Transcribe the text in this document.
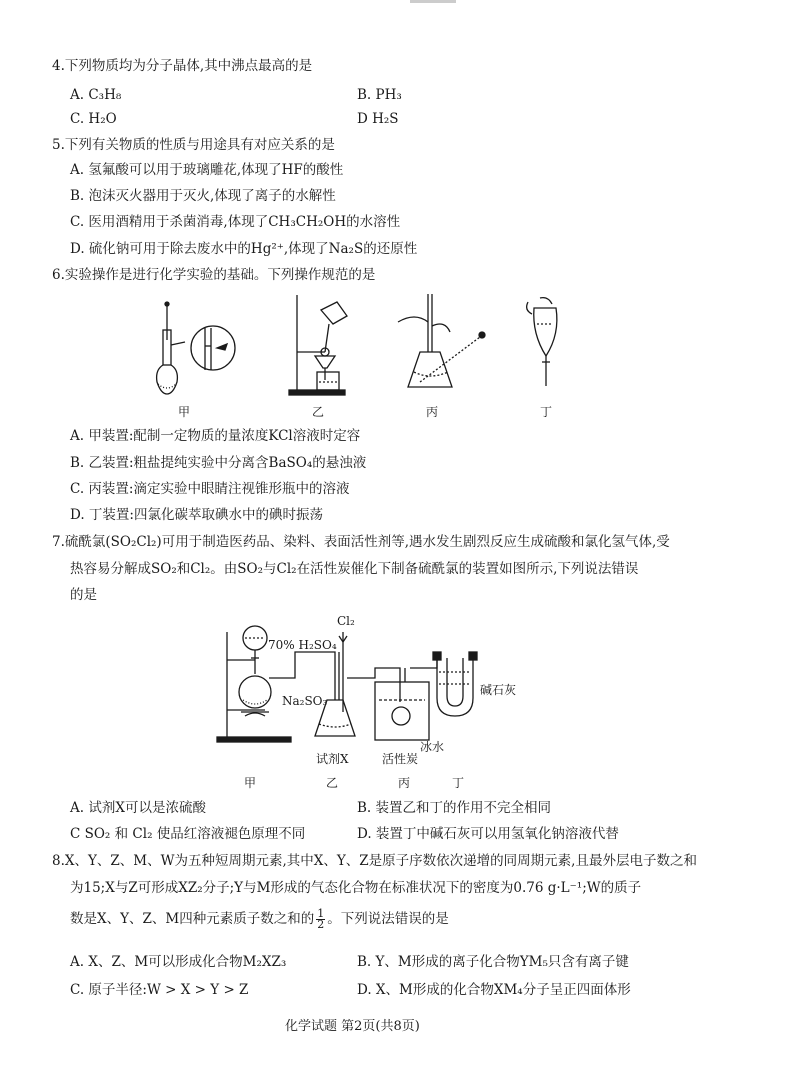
4.下列物质均为分子晶体,其中沸点最高的是
A. C₃H₈	B. PH₃
C. H₂O	D H₂S
5.下列有关物质的性质与用途具有对应关系的是
A. 氢氟酸可以用于玻璃雕花,体现了HF的酸性
B. 泡沫灭火器用于灭火,体现了离子的水解性
C. 医用酒精用于杀菌消毒,体现了CH₃CH₂OH的水溶性
D. 硫化钠可用于除去废水中的Hg²⁺,体现了Na₂S的还原性
6.实验操作是进行化学实验的基础。下列操作规范的是
甲	乙	丙	丁
A. 甲装置:配制一定物质的量浓度KCl溶液时定容
B. 乙装置:粗盐提纯实验中分离含BaSO₄的悬浊液
C. 丙装置:滴定实验中眼睛注视锥形瓶中的溶液
D. 丁装置:四氯化碳萃取碘水中的碘时振荡
7.硫酰氯(SO₂Cl₂)可用于制造医药品、染料、表面活性剂等,遇水发生剧烈反应生成硫酸和氯化氢气体,受
热容易分解成SO₂和Cl₂。由SO₂与Cl₂在活性炭催化下制备硫酰氯的装置如图所示,下列说法错误
的是
Cl₂
70% H₂SO₄
Na₂SO₃
碱石灰
试剂X
冰水
活性炭
甲	乙	丙	丁
A. 试剂X可以是浓硫酸	B. 装置乙和丁的作用不完全相同
C SO₂ 和 Cl₂ 使品红溶液褪色原理不同	D. 装置丁中碱石灰可以用氢氧化钠溶液代替
8.X、Y、Z、M、W为五种短周期元素,其中X、Y、Z是原子序数依次递增的同周期元素,且最外层电子数之和
为15;X与Z可形成XZ₂分子;Y与M形成的气态化合物在标准状况下的密度为0.76 g·L⁻¹;W的质子
数是X、Y、Z、M四种元素质子数之和的 $\frac{1}{2}$ 。下列说法错误的是
A. X、Z、M可以形成化合物M₂XZ₃	B. Y、M形成的离子化合物YM₅只含有离子键
C. 原子半径:W > X > Y > Z	D. X、M形成的化合物XM₄分子呈正四面体形
化学试题 第2页(共8页)
